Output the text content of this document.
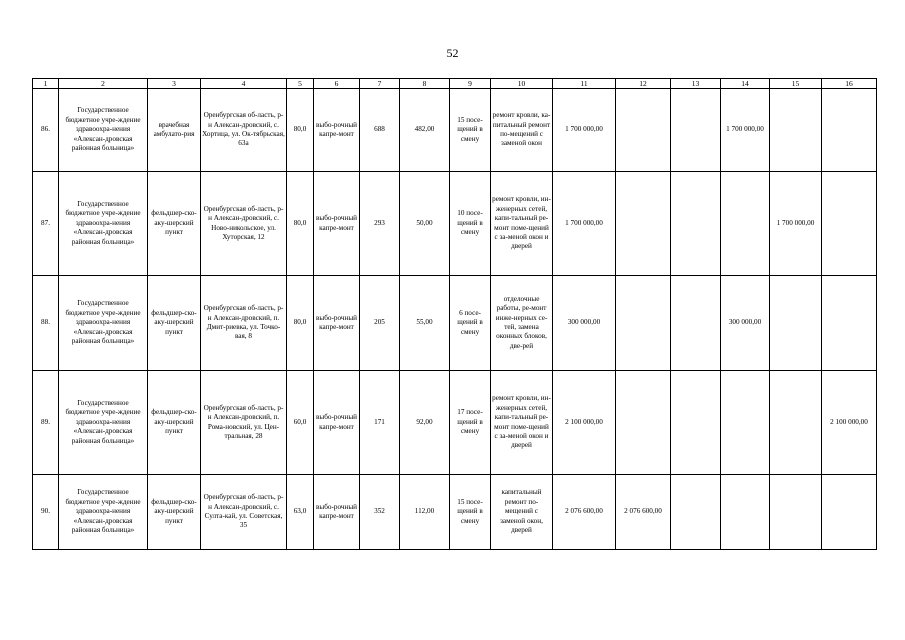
52
1	2	3	4	5	6	7	8	9	10	11	12	13	14	15	16
86.	Государственное бюджетное учре-ждение здравоохра-нения «Алексан-дровская районная больница»	врачебная амбулато-рия	Оренбургская об-ласть, р-н Алексан-дровский, с. Хортица, ул. Ок-тябрьская, 63а	80,0	выбо-рочный капре-монт	688	482,00	15 посе-щений в смену	ремонт кровли, ка-питальный ремонт по-мещений с заменой окон	1 700 000,00			1 700 000,00		
87.	Государственное бюджетное учре-ждение здравоохра-нения «Алексан-дровская районная больница»	фельдшер-ско-аку-шерский пункт	Оренбургская об-ласть, р-н Алексан-дровский, с. Ново-никольское, ул. Хуторская, 12	80,0	выбо-рочный капре-монт	293	50,00	10 посе-щений в смену	ремонт кровли, ин-женерных сетей, капи-тальный ре-монт поме-щений с за-меной окон и дверей	1 700 000,00				1 700 000,00	
88.	Государственное бюджетное учре-ждение здравоохра-нения «Алексан-дровская районная больница»	фельдшер-ско-аку-шерский пункт	Оренбургская об-ласть, р-н Алексан-дровский, п. Дмит-риевка, ул. Точко-вая, 8	80,0	выбо-рочный капре-монт	205	55,00	6 посе-щений в смену	отделочные работы, ре-монт инже-нерных се-тей, замена оконных блоков, две-рей	300 000,00			300 000,00		
89.	Государственное бюджетное учре-ждение здравоохра-нения «Алексан-дровская районная больница»	фельдшер-ско-аку-шерский пункт	Оренбургская об-ласть, р-н Алексан-дровский, п. Рома-новский, ул. Цен-тральная, 28	60,0	выбо-рочный капре-монт	171	92,00	17 посе-щений в смену	ремонт кровли, ин-женерных сетей, капи-тальный ре-монт поме-щений с за-меной окон и дверей	2 100 000,00					2 100 000,00
90.	Государственное бюджетное учре-ждение здравоохра-нения «Алексан-дровская районная больница»	фельдшер-ско-аку-шерский пункт	Оренбургская об-ласть, р-н Алексан-дровский, с. Султа-кай, ул. Советская, 35	63,0	выбо-рочный капре-монт	352	112,00	15 посе-щений в смену	капитальный ремонт по-мещений с заменой окон, дверей	2 076 600,00	2 076 600,00				
